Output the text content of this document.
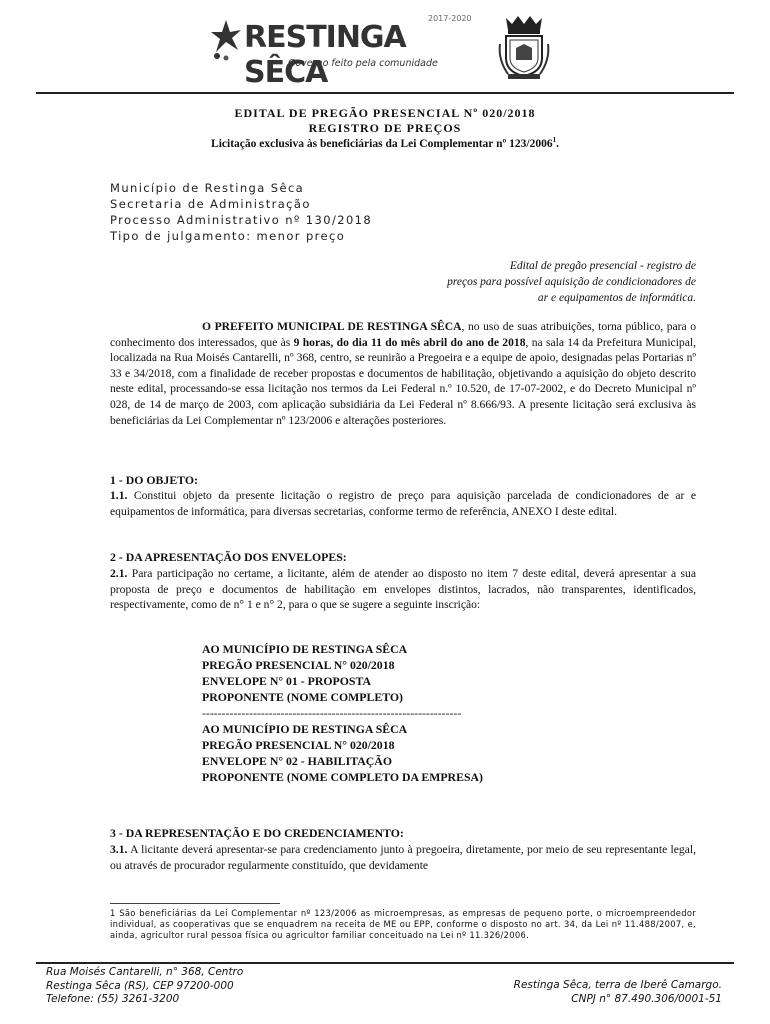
RESTINGA SÊCA
2017-2020
Governo feito pela comunidade
EDITAL DE PREGÃO PRESENCIAL Nº 020/2018
REGISTRO DE PREÇOS
Licitação exclusiva às beneficiárias da Lei Complementar nº 123/2006$^1$.
Município de Restinga Sêca
Secretaria de Administração
Processo Administrativo nº 130/2018
Tipo de julgamento: menor preço
Edital de pregão presencial - registro de
preços para possível aquisição de condicionadores de
ar e equipamentos de informática.
O PREFEITO MUNICIPAL DE RESTINGA SÊCA, no uso de suas atribuições, torna público, para o conhecimento dos interessados, que às 9 horas, do dia 11 do mês abril do ano de 2018, na sala 14 da Prefeitura Municipal, localizada na Rua Moisés Cantarelli, nº 368, centro, se reunirão a Pregoeira e a equipe de apoio, designadas pelas Portarias nº 33 e 34/2018, com a finalidade de receber propostas e documentos de habilitação, objetivando a aquisição do objeto descrito neste edital, processando-se essa licitação nos termos da Lei Federal n.º 10.520, de 17-07-2002, e do Decreto Municipal nº 028, de 14 de março de 2003, com aplicação subsidiária da Lei Federal nº 8.666/93. A presente licitação será exclusiva às beneficiárias da Lei Complementar nº 123/2006 e alterações posteriores.
1 - DO OBJETO:
1.1. Constitui objeto da presente licitação o registro de preço para aquisição parcelada de condicionadores de ar e equipamentos de informática, para diversas secretarias, conforme termo de referência, ANEXO I deste edital.
2 - DA APRESENTAÇÃO DOS ENVELOPES:
2.1. Para participação no certame, a licitante, além de atender ao disposto no item 7 deste edital, deverá apresentar a sua proposta de preço e documentos de habilitação em envelopes distintos, lacrados, não transparentes, identificados, respectivamente, como de n° 1 e n° 2, para o que se sugere a seguinte inscrição:
AO MUNICÍPIO DE RESTINGA SÊCA
PREGÃO PRESENCIAL N° 020/2018
ENVELOPE N° 01 - PROPOSTA
PROPONENTE (NOME COMPLETO)
------------------------------------------------------------------
AO MUNICÍPIO DE RESTINGA SÊCA
PREGÃO PRESENCIAL N° 020/2018
ENVELOPE N° 02 - HABILITAÇÃO
PROPONENTE (NOME COMPLETO DA EMPRESA)
3 - DA REPRESENTAÇÃO E DO CREDENCIAMENTO:
3.1. A licitante deverá apresentar-se para credenciamento junto à pregoeira, diretamente, por meio de seu representante legal, ou através de procurador regularmente constituído, que devidamente
1 São beneficiárias da Lei Complementar nº 123/2006 as microempresas, as empresas de pequeno porte, o microempreendedor individual, as cooperativas que se enquadrem na receita de ME ou EPP, conforme o disposto no art. 34, da Lei nº 11.488/2007, e, ainda, agricultor rural pessoa física ou agricultor familiar conceituado na Lei nº 11.326/2006.
Rua Moisés Cantarelli, n° 368, Centro
Restinga Sêca (RS), CEP 97200-000
Telefone: (55) 3261-3200
Restinga Sêca, terra de Iberê Camargo.
CNPJ n° 87.490.306/0001-51
